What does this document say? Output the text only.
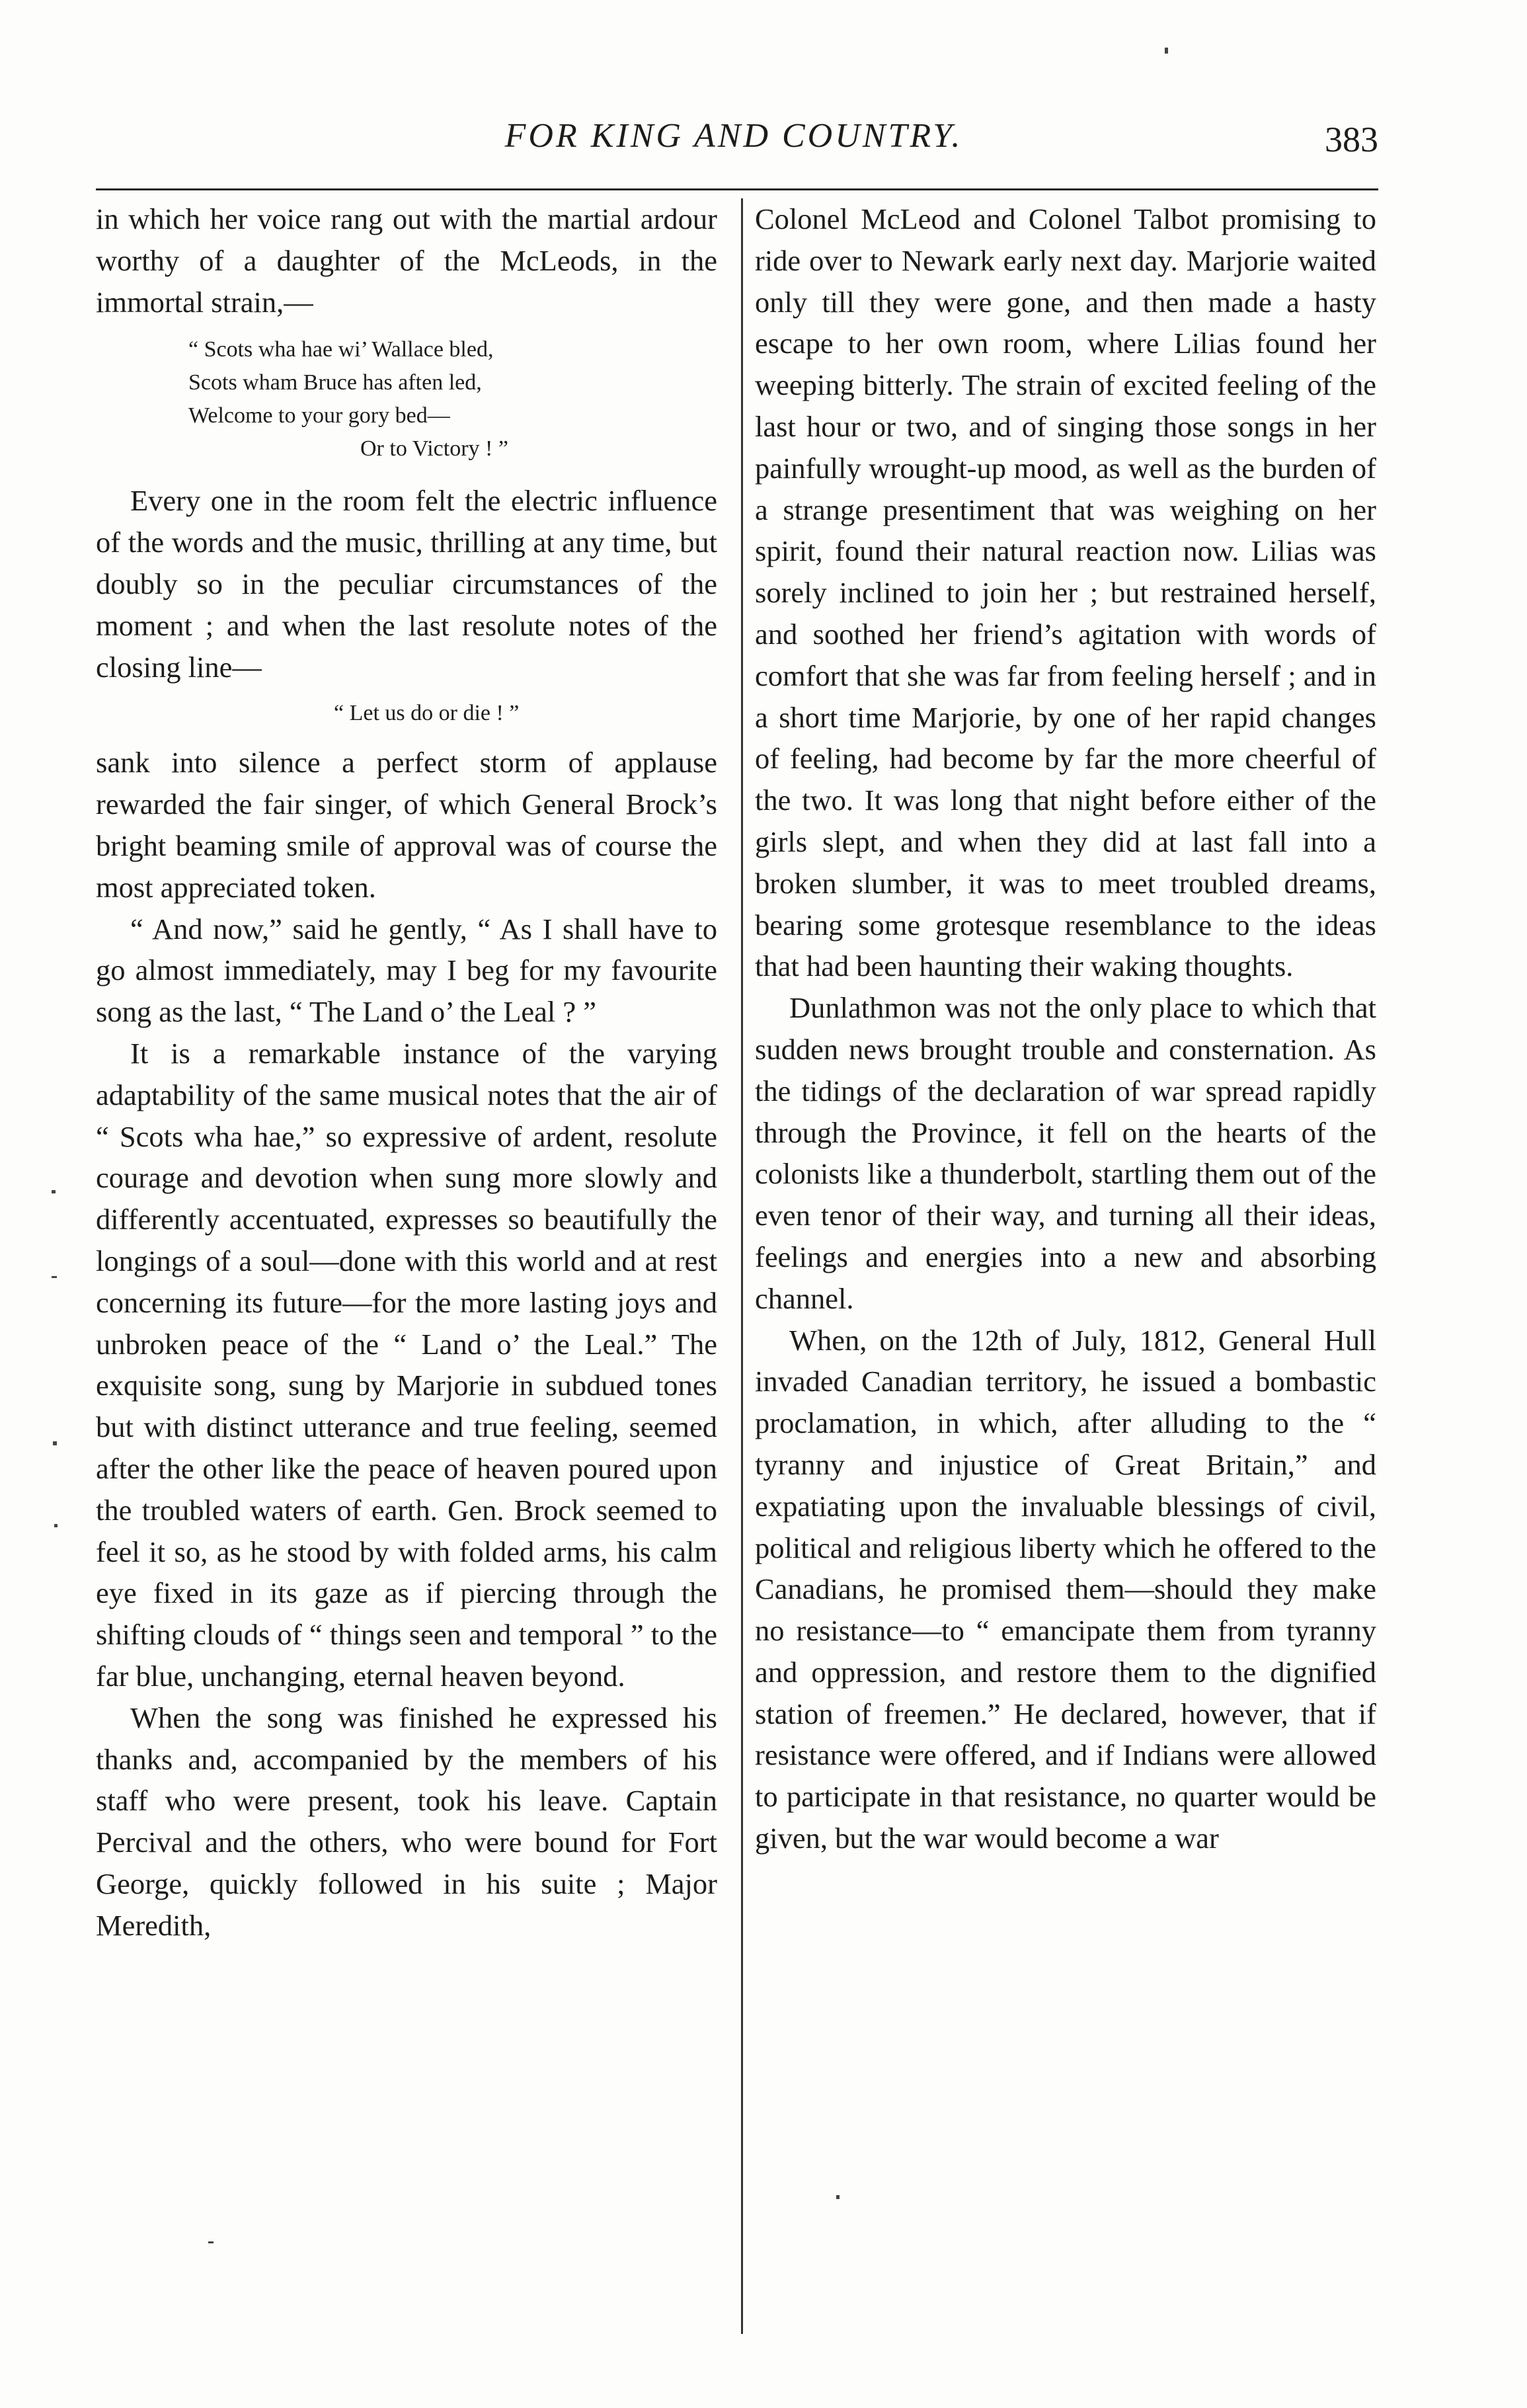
FOR KING AND COUNTRY.	383

in which her voice rang out with the martial ardour worthy of a daughter of the McLeods, in the immortal strain,—

“ Scots wha hae wi’ Wallace bled,
Scots wham Bruce has aften led,
Welcome to your gory bed—
Or to Victory ! ”

Every one in the room felt the electric influence of the words and the music, thrilling at any time, but doubly so in the peculiar circumstances of the moment ; and when the last resolute notes of the closing line—

“ Let us do or die ! ”

sank into silence a perfect storm of applause rewarded the fair singer, of which General Brock’s bright beaming smile of approval was of course the most appreciated token.

“ And now,” said he gently, “ As I shall have to go almost immediately, may I beg for my favourite song as the last, “ The Land o’ the Leal ? ”

It is a remarkable instance of the varying adaptability of the same musical notes that the air of “ Scots wha hae,” so expressive of ardent, resolute courage and devotion when sung more slowly and differently accentuated, expresses so beautifully the longings of a soul—done with this world and at rest concerning its future—for the more lasting joys and unbroken peace of the “ Land o’ the Leal.” The exquisite song, sung by Marjorie in subdued tones but with distinct utterance and true feeling, seemed after the other like the peace of heaven poured upon the troubled waters of earth. Gen. Brock seemed to feel it so, as he stood by with folded arms, his calm eye fixed in its gaze as if piercing through the shifting clouds of “ things seen and temporal ” to the far blue, unchanging, eternal heaven beyond.

When the song was finished he expressed his thanks and, accompanied by the members of his staff who were present, took his leave. Captain Percival and the others, who were bound for Fort George, quickly followed in his suite ; Major Meredith,

Colonel McLeod and Colonel Talbot promising to ride over to Newark early next day. Marjorie waited only till they were gone, and then made a hasty escape to her own room, where Lilias found her weeping bitterly. The strain of excited feeling of the last hour or two, and of singing those songs in her painfully wrought-up mood, as well as the burden of a strange presentiment that was weighing on her spirit, found their natural reaction now. Lilias was sorely inclined to join her ; but restrained herself, and soothed her friend’s agitation with words of comfort that she was far from feeling herself ; and in a short time Marjorie, by one of her rapid changes of feeling, had become by far the more cheerful of the two. It was long that night before either of the girls slept, and when they did at last fall into a broken slumber, it was to meet troubled dreams, bearing some grotesque resemblance to the ideas that had been haunting their waking thoughts.

Dunlathmon was not the only place to which that sudden news brought trouble and consternation. As the tidings of the declaration of war spread rapidly through the Province, it fell on the hearts of the colonists like a thunderbolt, startling them out of the even tenor of their way, and turning all their ideas, feelings and energies into a new and absorbing channel.

When, on the 12th of July, 1812, General Hull invaded Canadian territory, he issued a bombastic proclamation, in which, after alluding to the “ tyranny and injustice of Great Britain,” and expatiating upon the invaluable blessings of civil, political and religious liberty which he offered to the Canadians, he promised them—should they make no resistance—to “ emancipate them from tyranny and oppression, and restore them to the dignified station of freemen.” He declared, however, that if resistance were offered, and if Indians were allowed to participate in that resistance, no quarter would be given, but the war would become a war
